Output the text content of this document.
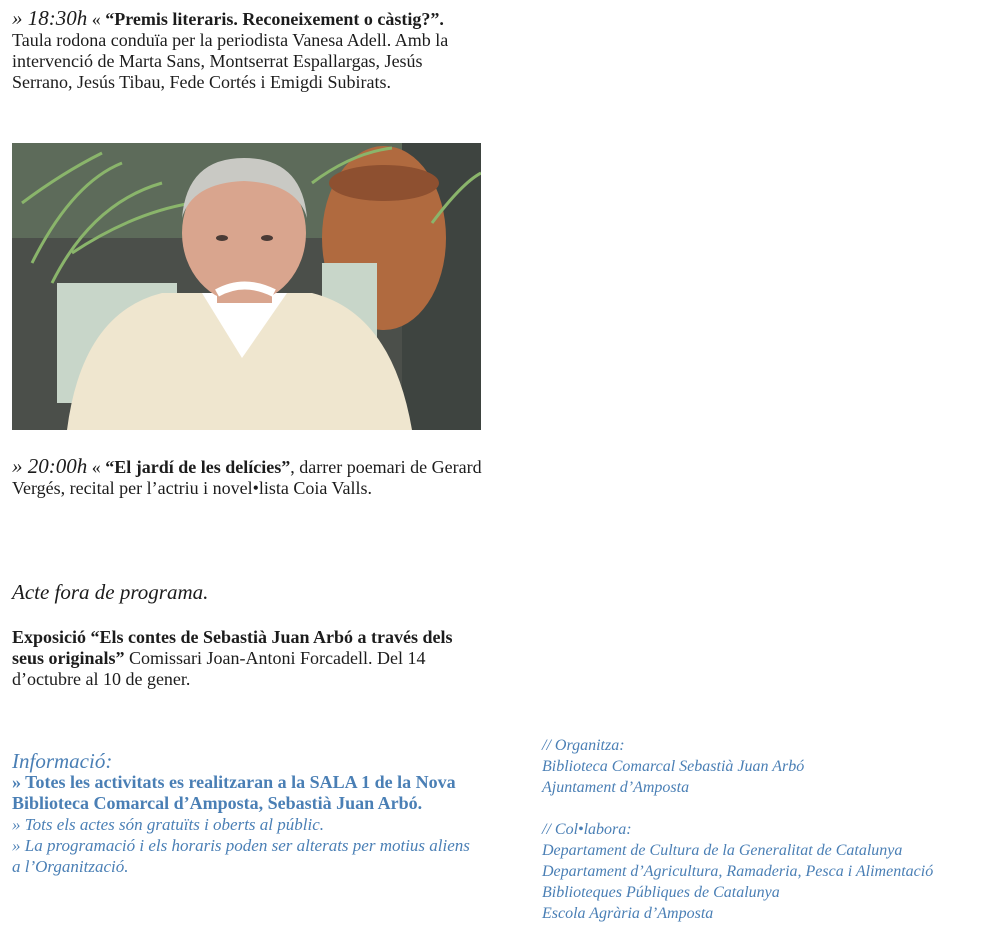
» 18:30h « “Premis literaris. Reconeixement o càstig?”. Taula rodona conduïa per la periodista Vanesa Adell. Amb la intervenció de Marta Sans, Montserrat Espallargas, Jesús Serrano, Jesús Tibau, Fede Cortés i Emigdi Subirats.

» 20:00h « “El jardí de les delícies”, darrer poemari de Gerard Vergés, recital per l’actriu i novel•lista Coia Valls.

Acte fora de programa.

Exposició “Els contes de Sebastià Juan Arbó a través dels seus originals” Comissari Joan-Antoni Forcadell. Del 14 d’octubre al 10 de gener.

Informació:
» Totes les activitats es realitzaran a la SALA 1 de la Nova Biblioteca Comarcal d’Amposta, Sebastià Juan Arbó.
» Tots els actes són gratuïts i oberts al públic.
» La programació i els horaris poden ser alterats per motius aliens a l’Organització.
// Organitza:
Biblioteca Comarcal Sebastià Juan Arbó
Ajuntament d’Amposta
// Col•labora:
Departament de Cultura de la Generalitat de Catalunya
Departament d’Agricultura, Ramaderia, Pesca i Alimentació
Biblioteques Públiques de Catalunya
Escola Agrària d’Amposta
